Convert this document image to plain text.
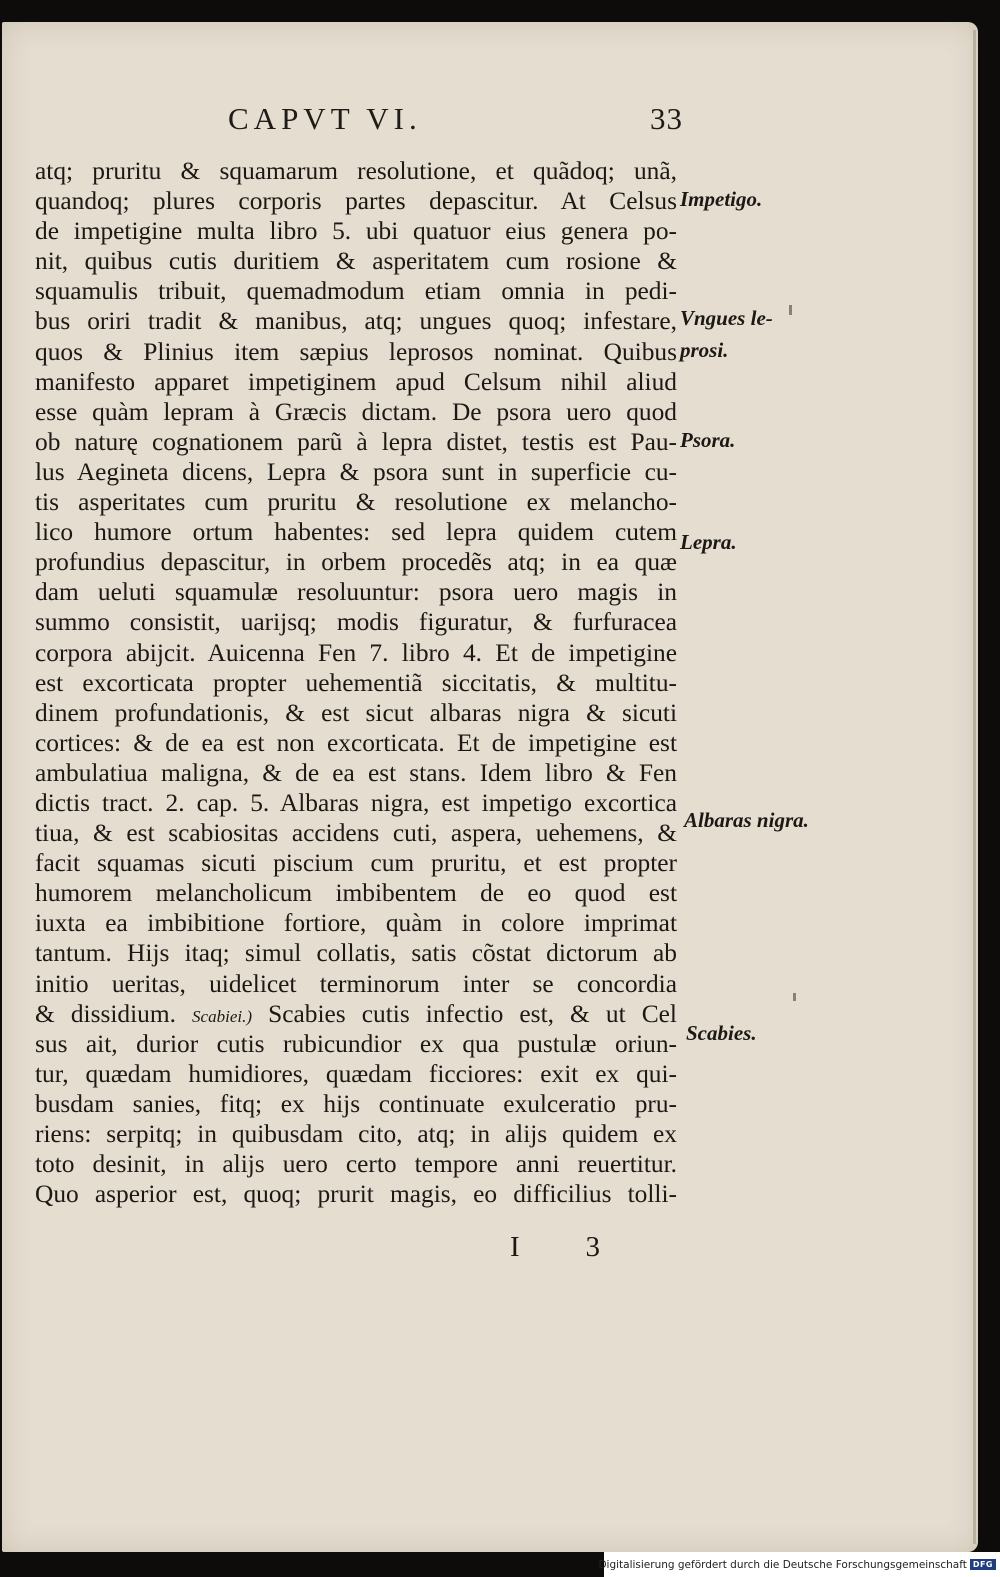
CAPVT VI.	33
atq; pruritu & squamarum resolutione, et quãdoq; unã,
quandoq; plures corporis partes depascitur. At Celsus
de impetigine multa libro 5. ubi quatuor eius genera po-
nit, quibus cutis duritiem & asperitatem cum rosione &
squamulis tribuit, quemadmodum etiam omnia in pedi-
bus oriri tradit & manibus, atq; ungues quoq; infestare,
quos & Plinius item sæpius leprosos nominat. Quibus
manifesto apparet impetiginem apud Celsum nihil aliud
esse quàm lepram à Græcis dictam. De psora uero quod
ob naturę cognationem parũ à lepra distet, testis est Pau-
lus Aegineta dicens, Lepra & psora sunt in superficie cu-
tis asperitates cum pruritu & resolutione ex melancho-
lico humore ortum habentes: sed lepra quidem cutem
profundius depascitur, in orbem procedẽs atq; in ea quæ
dam ueluti squamulæ resoluuntur: psora uero magis in
summo consistit, uarijsq; modis figuratur, & furfuracea
corpora abijcit. Auicenna Fen 7. libro 4. Et de impetigine
est excorticata propter uehementiã siccitatis, & multitu-
dinem profundationis, & est sicut albaras nigra & sicuti
cortices: & de ea est non excorticata. Et de impetigine est
ambulatiua maligna, & de ea est stans. Idem libro & Fen
dictis tract. 2. cap. 5. Albaras nigra, est impetigo excortica
tiua, & est scabiositas accidens cuti, aspera, uehemens, &
facit squamas sicuti piscium cum pruritu, et est propter
humorem melancholicum imbibentem de eo quod est
iuxta ea imbibitione fortiore, quàm in colore imprimat
tantum. Hijs itaq; simul collatis, satis cõstat dictorum ab
initio ueritas, uidelicet terminorum inter se concordia
& dissidium. Scabiei.) Scabies cutis infectio est, & ut Cel
sus ait, durior cutis rubicundior ex qua pustulæ oriun-
tur, quædam humidiores, quædam ficciores: exit ex qui-
busdam sanies, fitq; ex hijs continuate exulceratio pru-
riens: serpitq; in quibusdam cito, atq; in alijs quidem ex
toto desinit, in alijs uero certo tempore anni reuertitur.
Quo asperior est, quoq; prurit magis, eo difficilius tolli-
Impetigo.
Vngues le-
prosi.
Psora.
Lepra.
Albaras nigra.
Scabies.
I 3
Digitalisierung gefördert durch die Deutsche Forschungsgemeinschaft DFG
